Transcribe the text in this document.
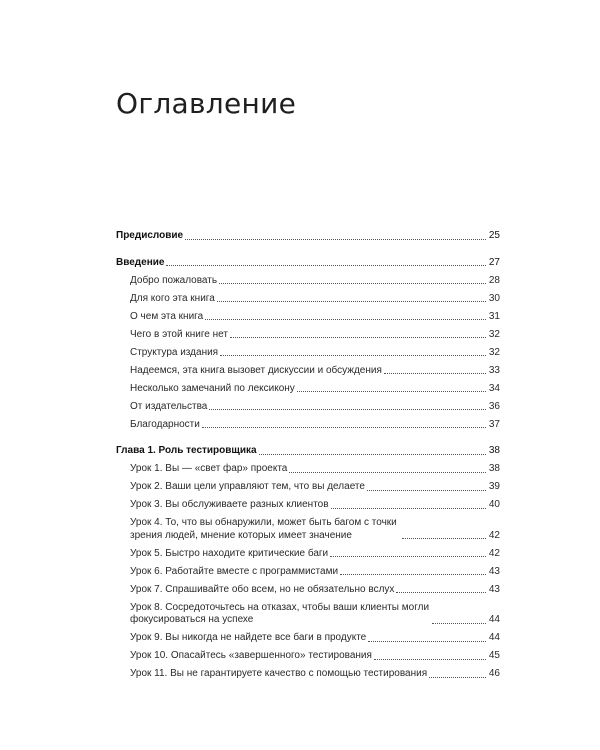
Оглавление
Предисловие	25
Введение	27
Добро пожаловать	28
Для кого эта книга	30
О чем эта книга	31
Чего в этой книге нет	32
Структура издания	32
Надеемся, эта книга вызовет дискуссии и обсуждения	33
Несколько замечаний по лексикону	34
От издательства	36
Благодарности	37
Глава 1. Роль тестировщика	38
Урок 1. Вы — «свет фар» проекта	38
Урок 2. Ваши цели управляют тем, что вы делаете	39
Урок 3. Вы обслуживаете разных клиентов	40
Урок 4. То, что вы обнаружили, может быть багом с точки зрения людей, мнение которых имеет значение	42
Урок 5. Быстро находите критические баги	42
Урок 6. Работайте вместе с программистами	43
Урок 7. Спрашивайте обо всем, но не обязательно вслух	43
Урок 8. Сосредоточьтесь на отказах, чтобы ваши клиенты могли фокусироваться на успехе	44
Урок 9. Вы никогда не найдете все баги в продукте	44
Урок 10. Опасайтесь «завершенного» тестирования	45
Урок 11. Вы не гарантируете качество с помощью тестирования	46
